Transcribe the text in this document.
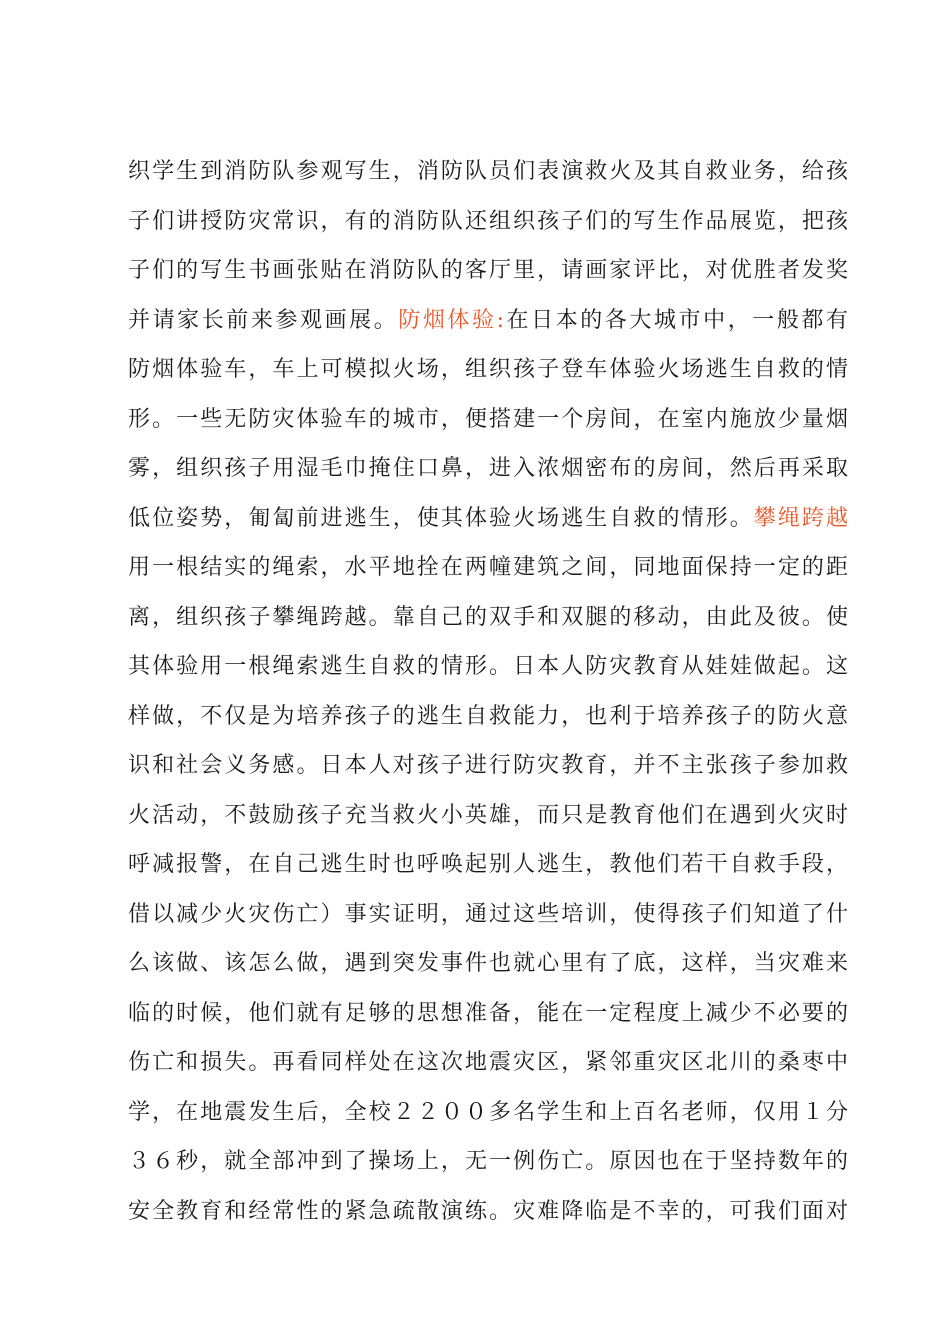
织学生到消防队参观写生，消防队员们表演救火及其自救业务，给孩
子们讲授防灾常识，有的消防队还组织孩子们的写生作品展览，把孩
子们的写生书画张贴在消防队的客厅里，请画家评比，对优胜者发奖
并请家长前来参观画展。防烟体验:在日本的各大城市中，一般都有
防烟体验车，车上可模拟火场，组织孩子登车体验火场逃生自救的情
形。一些无防灾体验车的城市，便搭建一个房间，在室内施放少量烟
雾，组织孩子用湿毛巾掩住口鼻，进入浓烟密布的房间，然后再采取
低位姿势，匍匐前进逃生，使其体验火场逃生自救的情形。攀绳跨越
用一根结实的绳索，水平地拴在两幢建筑之间，同地面保持一定的距
离，组织孩子攀绳跨越。靠自己的双手和双腿的移动，由此及彼。使
其体验用一根绳索逃生自救的情形。日本人防灾教育从娃娃做起。这
样做，不仅是为培养孩子的逃生自救能力，也利于培养孩子的防火意
识和社会义务感。日本人对孩子进行防灾教育，并不主张孩子参加救
火活动，不鼓励孩子充当救火小英雄，而只是教育他们在遇到火灾时
呼减报警，在自己逃生时也呼唤起别人逃生，教他们若干自救手段，
借以减少火灾伤亡）事实证明，通过这些培训，使得孩子们知道了什
么该做、该怎么做，遇到突发事件也就心里有了底，这样，当灾难来
临的时候，他们就有足够的思想准备，能在一定程度上减少不必要的
伤亡和损失。再看同样处在这次地震灾区，紧邻重灾区北川的桑枣中
学，在地震发生后，全校２２００多名学生和上百名老师，仅用１分
３６秒，就全部冲到了操场上，无一例伤亡。原因也在于坚持数年的
安全教育和经常性的紧急疏散演练。灾难降临是不幸的，可我们面对
